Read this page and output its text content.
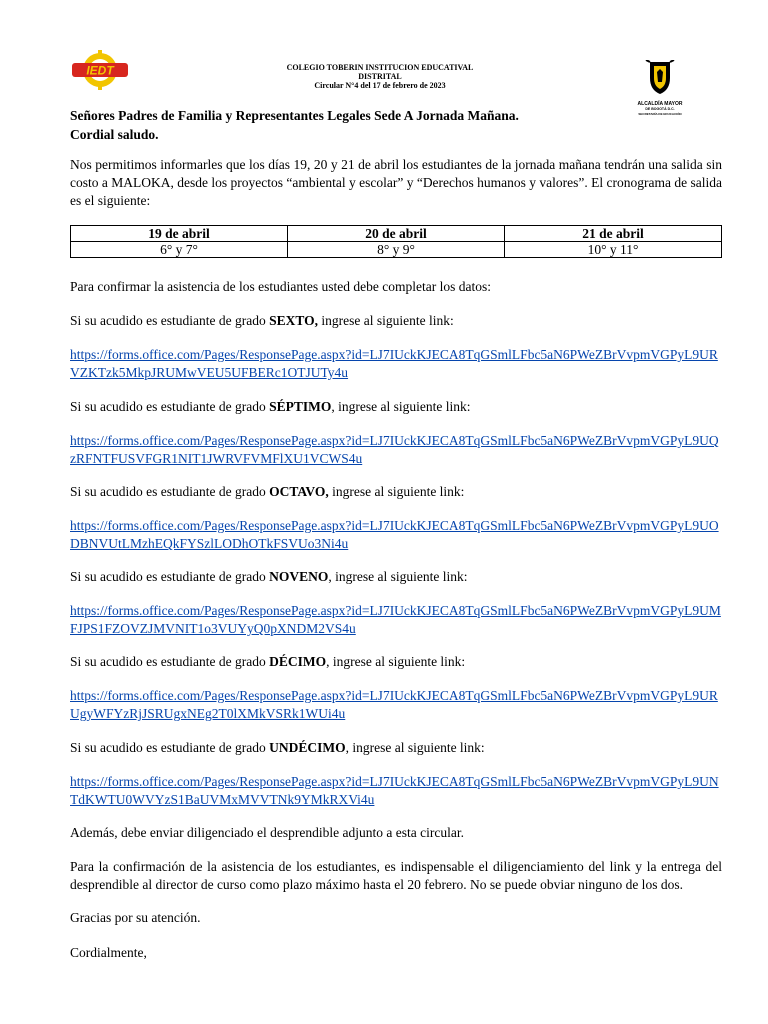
IEDT	COLEGIO TOBERIN INSTITUCION EDUCATIVAL
DISTRITAL
Circular N°4 del 17 de febrero de 2023
ALCALDÍA MAYOR
DE BOGOTÁ D.C.
SECRETARÍA DE EDUCACIÓN
Señores Padres de Familia y Representantes Legales Sede A Jornada Mañana.
Cordial saludo.
Nos permitimos informarles que los días 19, 20 y 21 de abril los estudiantes de la jornada mañana tendrán una salida sin costo a MALOKA, desde los proyectos “ambiental y escolar” y “Derechos humanos y valores”. El cronograma de salida es el siguiente:
19 de abril	20 de abril	21 de abril
6° y 7°	8° y 9°	10° y 11°
Para confirmar la asistencia de los estudiantes usted debe completar los datos:
Si su acudido es estudiante de grado SEXTO, ingrese al siguiente link:
https://forms.office.com/Pages/ResponsePage.aspx?id=LJ7IUckKJECA8TqGSmlLFbc5aN6PWeZBrVvpmVGPyL9URVZKTzk5MkpJRUMwVEU5UFBERc1OTJUTy4u
Si su acudido es estudiante de grado SÉPTIMO, ingrese al siguiente link:
https://forms.office.com/Pages/ResponsePage.aspx?id=LJ7IUckKJECA8TqGSmlLFbc5aN6PWeZBrVvpmVGPyL9UQzRFNTFUSVFGR1NIT1JWRVFVMFlXU1VCWS4u
Si su acudido es estudiante de grado OCTAVO, ingrese al siguiente link:
https://forms.office.com/Pages/ResponsePage.aspx?id=LJ7IUckKJECA8TqGSmlLFbc5aN6PWeZBrVvpmVGPyL9UODBNVUtLMzhEQkFYSzlLODhOTkFSVUo3Ni4u
Si su acudido es estudiante de grado NOVENO, ingrese al siguiente link:
https://forms.office.com/Pages/ResponsePage.aspx?id=LJ7IUckKJECA8TqGSmlLFbc5aN6PWeZBrVvpmVGPyL9UMFJPS1FZOVZJMVNIT1o3VUYyQ0pXNDM2VS4u
Si su acudido es estudiante de grado DÉCIMO, ingrese al siguiente link:
https://forms.office.com/Pages/ResponsePage.aspx?id=LJ7IUckKJECA8TqGSmlLFbc5aN6PWeZBrVvpmVGPyL9URUgyWFYzRjJSRUgxNEg2T0lXMkVSRk1WUi4u
Si su acudido es estudiante de grado UNDÉCIMO, ingrese al siguiente link:
https://forms.office.com/Pages/ResponsePage.aspx?id=LJ7IUckKJECA8TqGSmlLFbc5aN6PWeZBrVvpmVGPyL9UNTdKWTU0WVYzS1BaUVMxMVVTNk9YMkRXVi4u
Además, debe enviar diligenciado el desprendible adjunto a esta circular.
Para la confirmación de la asistencia de los estudiantes, es indispensable el diligenciamiento del link y la entrega del desprendible al director de curso como plazo máximo hasta el 20 febrero. No se puede obviar ninguno de los dos.
Gracias por su atención.
Cordialmente,
